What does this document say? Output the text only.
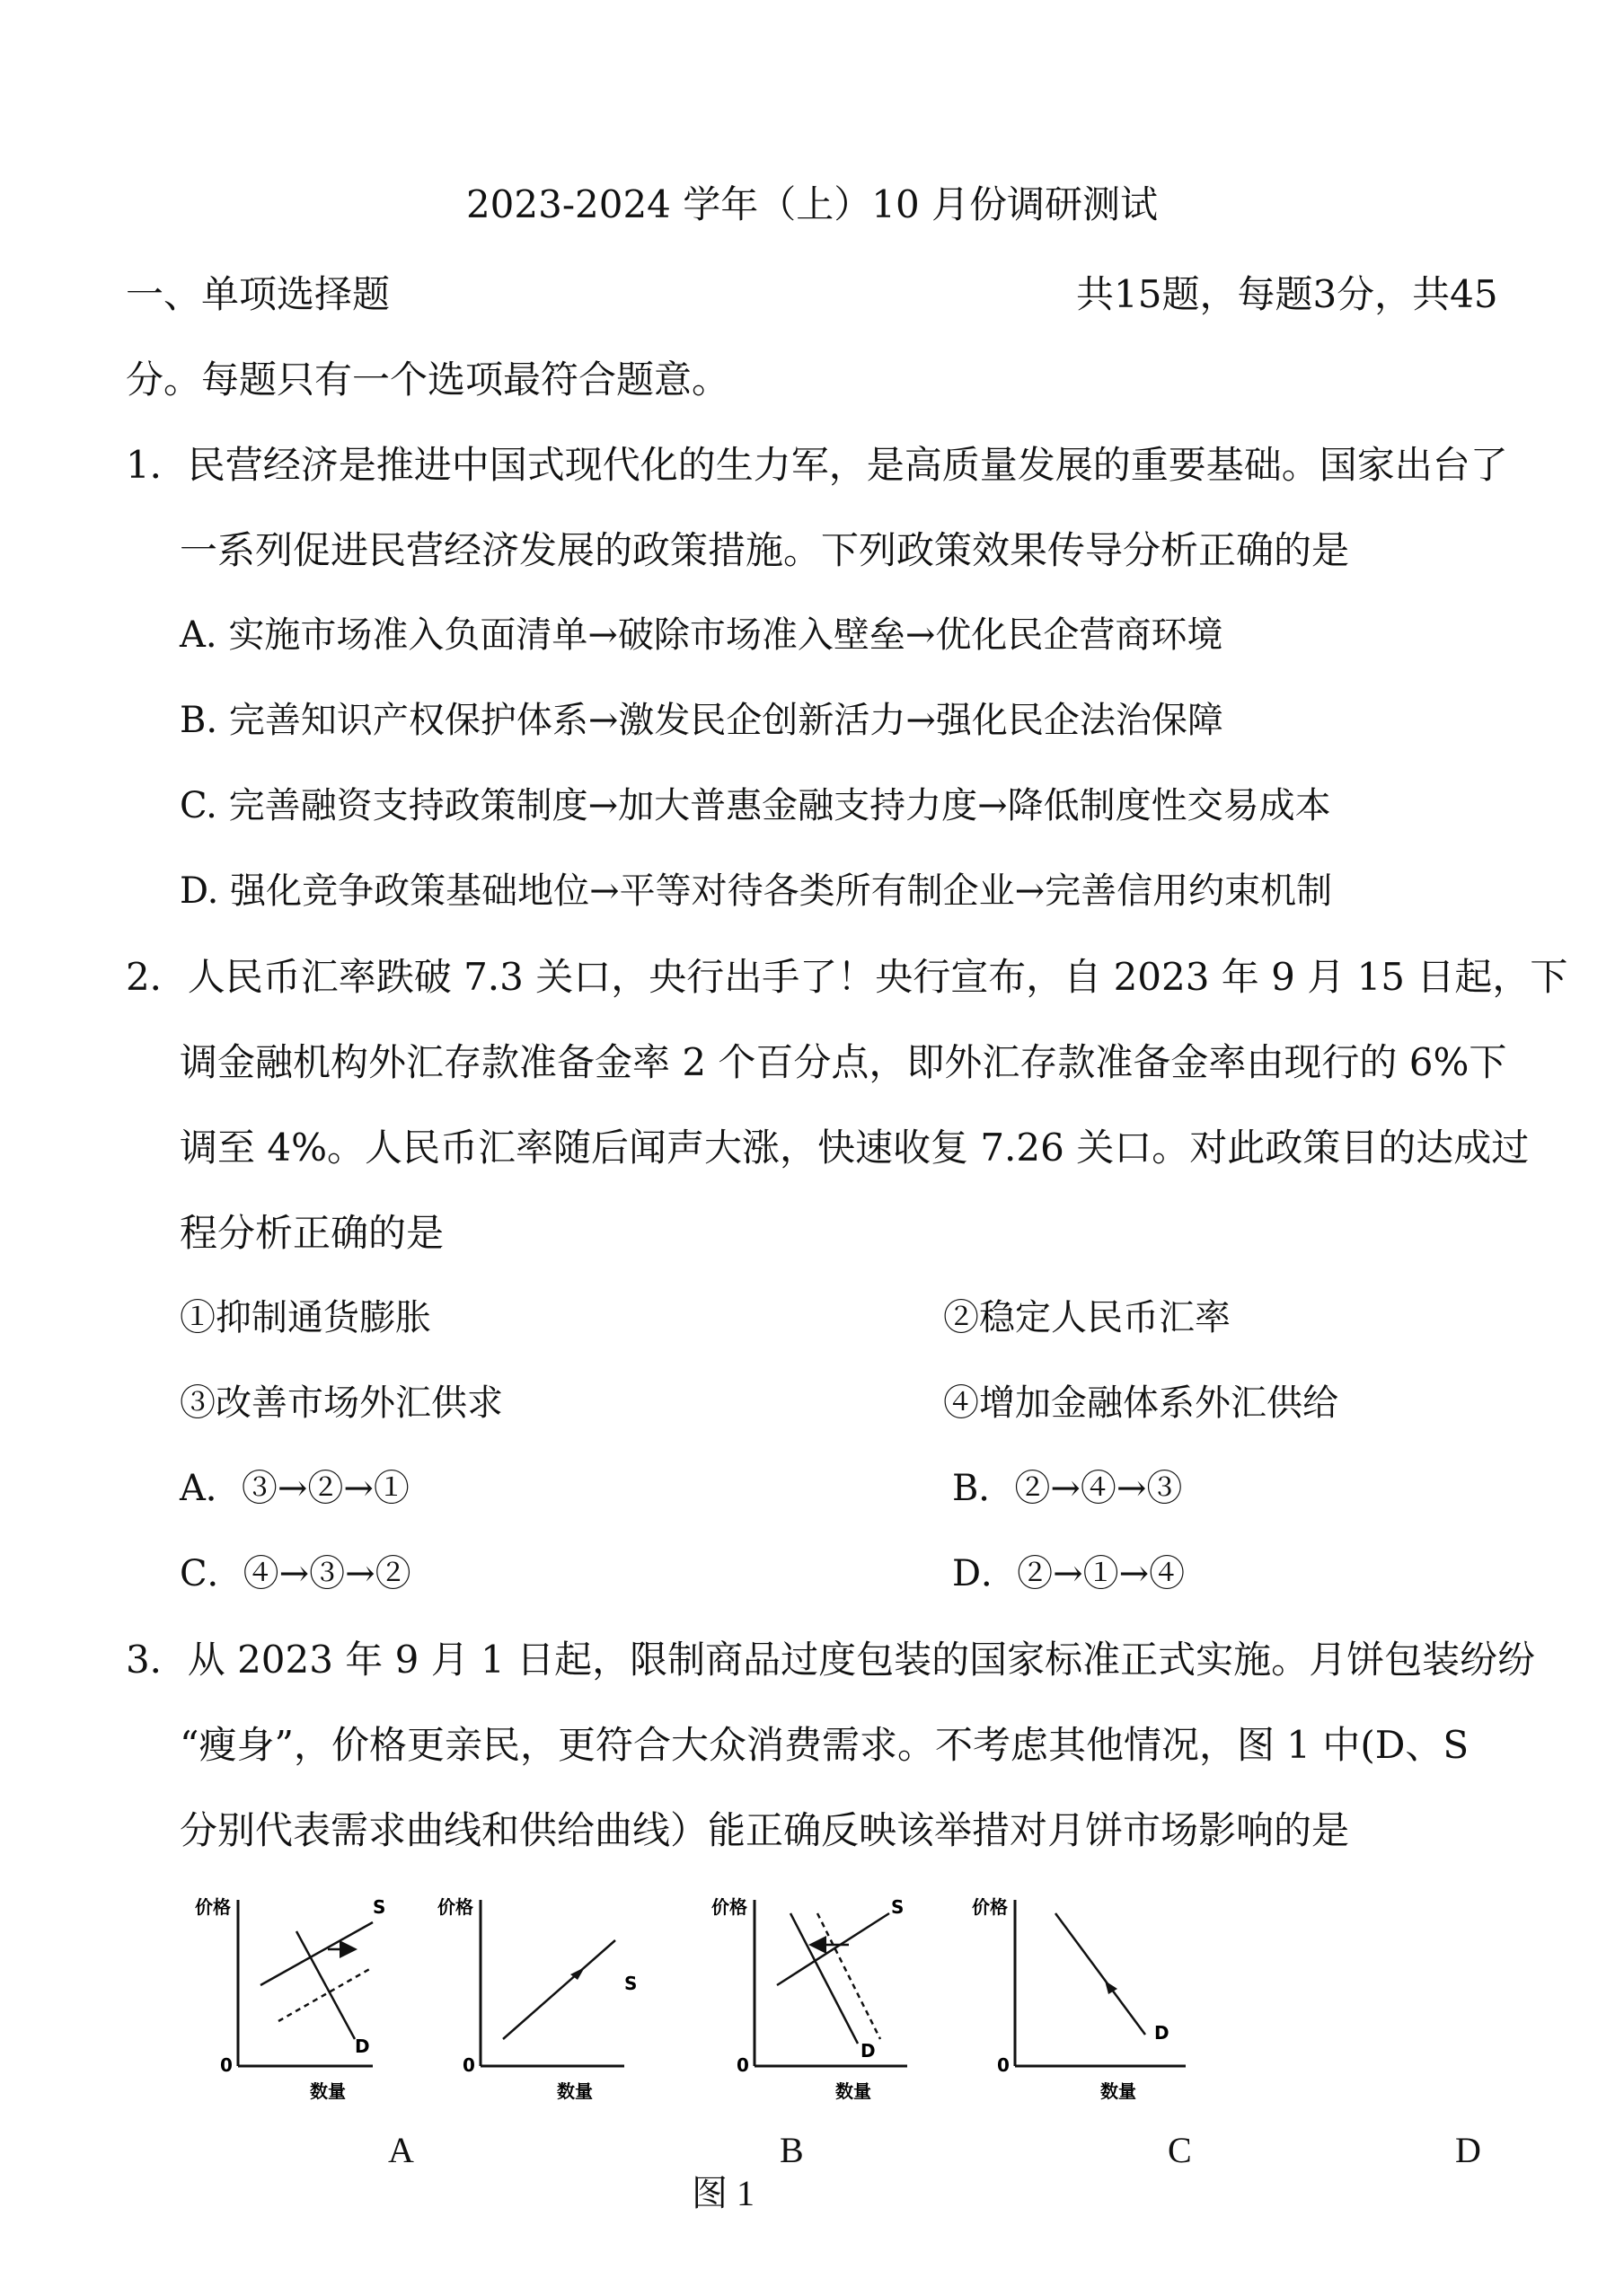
2023-2024 学年（上）10 月份调研测试
一、单项选择题	共15题，每题3分，共45
分。每题只有一个选项最符合题意。
1．民营经济是推进中国式现代化的生力军，是高质量发展的重要基础。国家出台了
一系列促进民营经济发展的政策措施。下列政策效果传导分析正确的是
A. 实施市场准入负面清单→破除市场准入壁垒→优化民企营商环境
B. 完善知识产权保护体系→激发民企创新活力→强化民企法治保障
C. 完善融资支持政策制度→加大普惠金融支持力度→降低制度性交易成本
D. 强化竞争政策基础地位→平等对待各类所有制企业→完善信用约束机制
2．人民币汇率跌破 7.3 关口，央行出手了！央行宣布，自 2023 年 9 月 15 日起，下
调金融机构外汇存款准备金率 2 个百分点，即外汇存款准备金率由现行的 6%下
调至 4%。人民币汇率随后闻声大涨，快速收复 7.26 关口。对此政策目的达成过
程分析正确的是
①抑制通货膨胀	②稳定人民币汇率
③改善市场外汇供求	④增加金融体系外汇供给
A．③→②→①	B．②→④→③
C．④→③→②	D．②→①→④
3．从 2023 年 9 月 1 日起，限制商品过度包装的国家标准正式实施。月饼包装纷纷
“瘦身”，价格更亲民，更符合大众消费需求。不考虑其他情况，图 1 中(D、S
分别代表需求曲线和供给曲线）能正确反映该举措对月饼市场影响的是
价格
0
数量
S
D
价格
0
数量
S
价格
0
数量
S
D
价格
0
数量
D
A	B	C	D
图 1
